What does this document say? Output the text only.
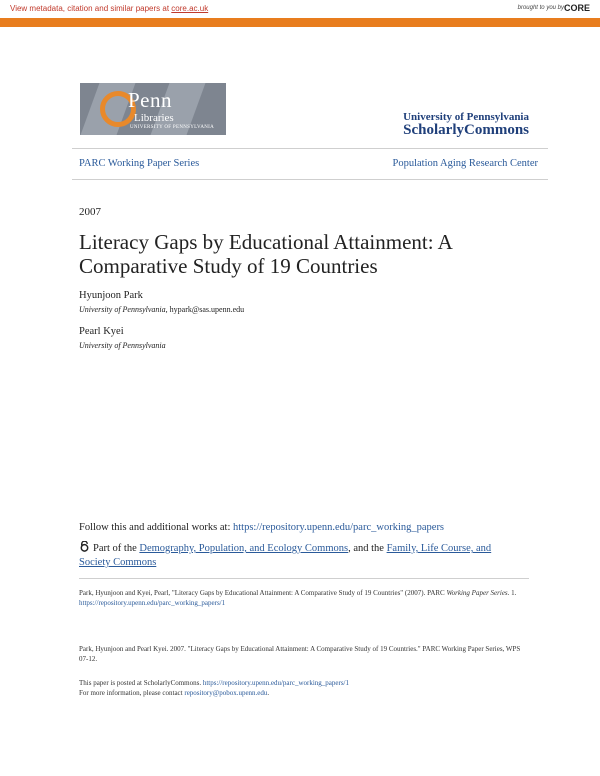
View metadata, citation and similar papers at core.ac.uk	brought to you by CORE
provided by ScholarlyCommons@Penn
Penn
Libraries
UNIVERSITY OF PENNSYLVANIA
University of Pennsylvania
ScholarlyCommons
PARC Working Paper Series	Population Aging Research Center
2007
Literacy Gaps by Educational Attainment: A Comparative Study of 19 Countries
Hyunjoon Park
University of Pennsylvania, hypark@sas.upenn.edu
Pearl Kyei
University of Pennsylvania
Follow this and additional works at: https://repository.upenn.edu/parc_working_papers
Part of the Demography, Population, and Ecology Commons, and the Family, Life Course, and Society Commons
Park, Hyunjoon and Kyei, Pearl, "Literacy Gaps by Educational Attainment: A Comparative Study of 19 Countries" (2007). PARC Working Paper Series. 1.
https://repository.upenn.edu/parc_working_papers/1
Park, Hyunjoon and Pearl Kyei. 2007. "Literacy Gaps by Educational Attainment: A Comparative Study of 19 Countries." PARC Working Paper Series, WPS 07-12.
This paper is posted at ScholarlyCommons. https://repository.upenn.edu/parc_working_papers/1
For more information, please contact repository@pobox.upenn.edu.
